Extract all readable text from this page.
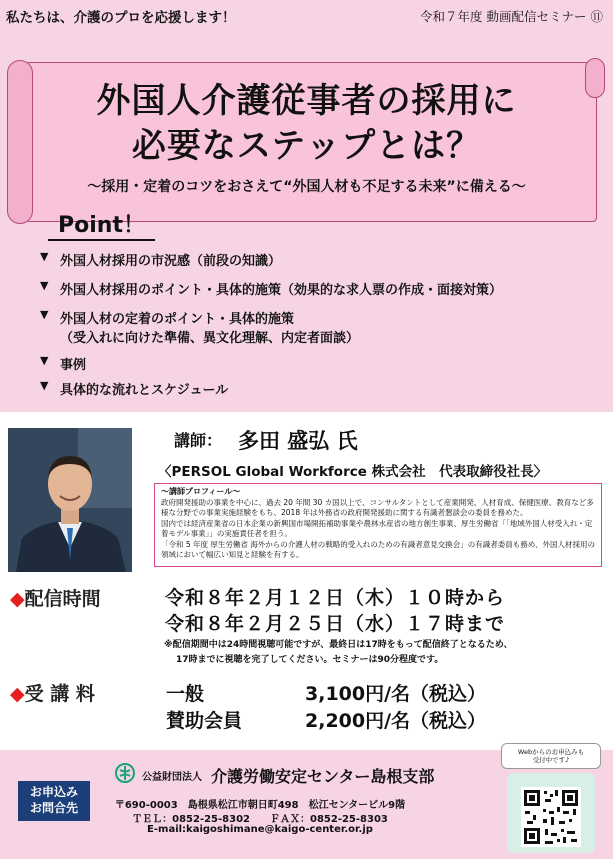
私たちは、介護のプロを応援します！	令和７年度 動画配信セミナー ⑪
外国人介護従事者の採用に
必要なステップとは？
〜採用・定着のコツをおさえて“外国人材も不足する未来”に備える〜
Point！
▼ 外国人材採用の市況感（前段の知識）
▼ 外国人材採用のポイント・具体的施策（効果的な求人票の作成・面接対策）
▼ 外国人材の定着のポイント・具体的施策
（受入れに向けた準備、異文化理解、内定者面談）
▼ 事例
▼ 具体的な流れとスケジュール
講師： 多田 盛弘 氏
〈PERSOL Global Workforce 株式会社　代表取締役社長〉
〜講師プロフィール〜
政府開発援助の事業を中心に、過去 20 年間 30 カ国以上で、コンサルタントとして産業開発、人材育成、保健医療、教育など多様な分野での事業実施経験をもち、2018 年は外務省の政府開発援助に関する有識者懇談会の委員を務めた。
国内では経済産業省の日本企業の新興国市場開拓補助事業や農林水産省の地方創生事業、厚生労働省「「地域外国人材受入れ・定着モデル事業」」の実施責任者を担う。
「令和 5 年度 厚生労働省 海外からの介護人材の戦略的受入れのための有識者意見交換会」の有識者委員も務め、外国人材採用の領域において幅広い知見と経験を有する。
◆配信時間	令和８年２月１２日（木）１０時から
令和８年２月２５日（水）１７時まで
※配信期間中は24時間視聴可能ですが、最終日は17時をもって配信終了となるため、
17時までに視聴を完了してください。セミナーは90分程度です。
◆受 講 料	一般	3,100円/名（税込）
賛助会員	2,200円/名（税込）
お申込み
お問合先
公益財団法人 介護労働安定センター島根支部
〒690-0003　島根県松江市朝日町498　松江センタービル9階
ＴＥＬ：0852-25-8302　　ＦＡＸ：0852-25-8303
E-mail:kaigoshimane@kaigo-center.or.jp
Webからのお申込みも
受付中です♪
